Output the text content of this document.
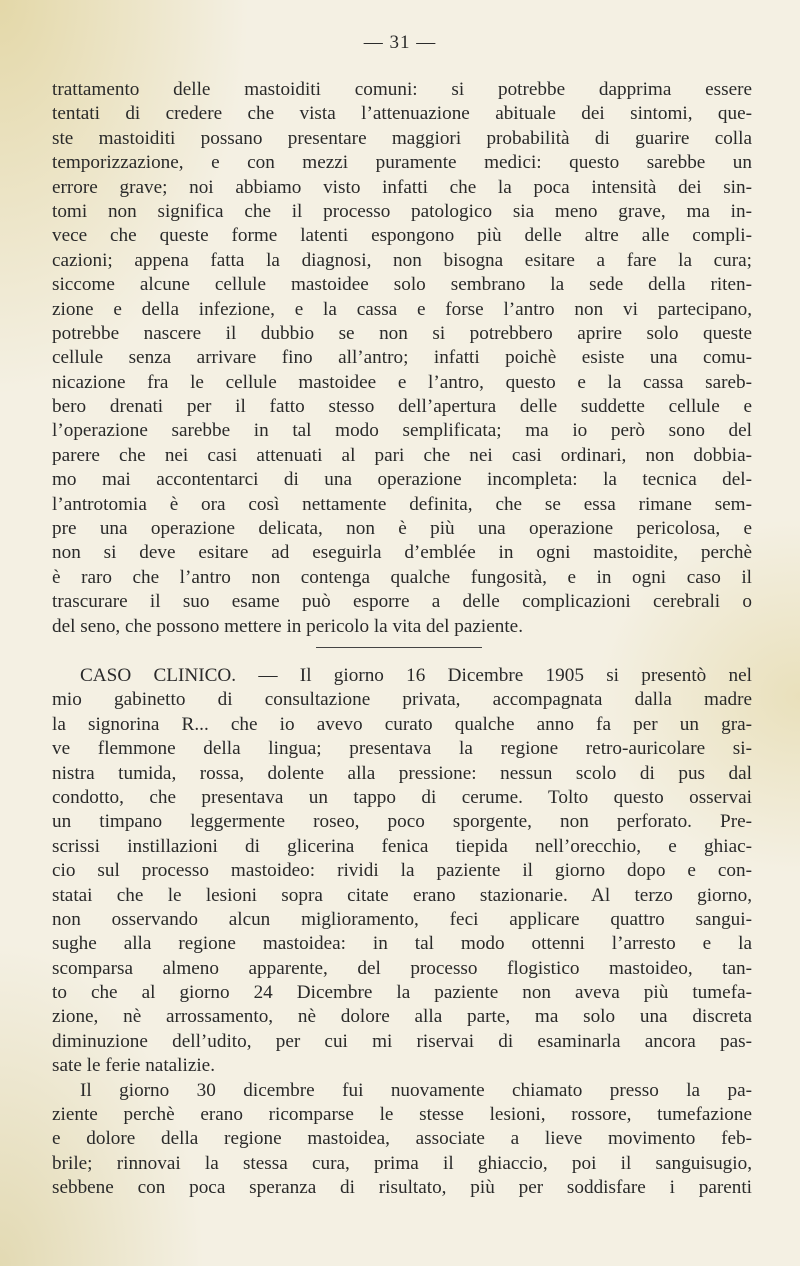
— 31 —
trattamento delle mastoiditi comuni: si potrebbe dapprima essere
tentati di credere che vista l’attenuazione abituale dei sintomi, que-
ste mastoiditi possano presentare maggiori probabilità di guarire colla
temporizzazione, e con mezzi puramente medici: questo sarebbe un
errore grave; noi abbiamo visto infatti che la poca intensità dei sin-
tomi non significa che il processo patologico sia meno grave, ma in-
vece che queste forme latenti espongono più delle altre alle compli-
cazioni; appena fatta la diagnosi, non bisogna esitare a fare la cura;
siccome alcune cellule mastoidee solo sembrano la sede della riten-
zione e della infezione, e la cassa e forse l’antro non vi partecipano,
potrebbe nascere il dubbio se non si potrebbero aprire solo queste
cellule senza arrivare fino all’antro; infatti poichè esiste una comu-
nicazione fra le cellule mastoidee e l’antro, questo e la cassa sareb-
bero drenati per il fatto stesso dell’apertura delle suddette cellule e
l’operazione sarebbe in tal modo semplificata; ma io però sono del
parere che nei casi attenuati al pari che nei casi ordinari, non dobbia-
mo mai accontentarci di una operazione incompleta: la tecnica del-
l’antrotomia è ora così nettamente definita, che se essa rimane sem-
pre una operazione delicata, non è più una operazione pericolosa, e
non si deve esitare ad eseguirla d’emblée in ogni mastoidite, perchè
è raro che l’antro non contenga qualche fungosità, e in ogni caso il
trascurare il suo esame può esporre a delle complicazioni cerebrali o
del seno, che possono mettere in pericolo la vita del paziente.
CASO CLINICO. — Il giorno 16 Dicembre 1905 si presentò nel
mio gabinetto di consultazione privata, accompagnata dalla madre
la signorina R... che io avevo curato qualche anno fa per un gra-
ve flemmone della lingua; presentava la regione retro-auricolare si-
nistra tumida, rossa, dolente alla pressione: nessun scolo di pus dal
condotto, che presentava un tappo di cerume. Tolto questo osservai
un timpano leggermente roseo, poco sporgente, non perforato. Pre-
scrissi instillazioni di glicerina fenica tiepida nell’orecchio, e ghiac-
cio sul processo mastoideo: rividi la paziente il giorno dopo e con-
statai che le lesioni sopra citate erano stazionarie. Al terzo giorno,
non osservando alcun miglioramento, feci applicare quattro sangui-
sughe alla regione mastoidea: in tal modo ottenni l’arresto e la
scomparsa almeno apparente, del processo flogistico mastoideo, tan-
to che al giorno 24 Dicembre la paziente non aveva più tumefa-
zione, nè arrossamento, nè dolore alla parte, ma solo una discreta
diminuzione dell’udito, per cui mi riservai di esaminarla ancora pas-
sate le ferie natalizie.
Il giorno 30 dicembre fui nuovamente chiamato presso la pa-
ziente perchè erano ricomparse le stesse lesioni, rossore, tumefazione
e dolore della regione mastoidea, associate a lieve movimento feb-
brile; rinnovai la stessa cura, prima il ghiaccio, poi il sanguisugio,
sebbene con poca speranza di risultato, più per soddisfare i parenti
